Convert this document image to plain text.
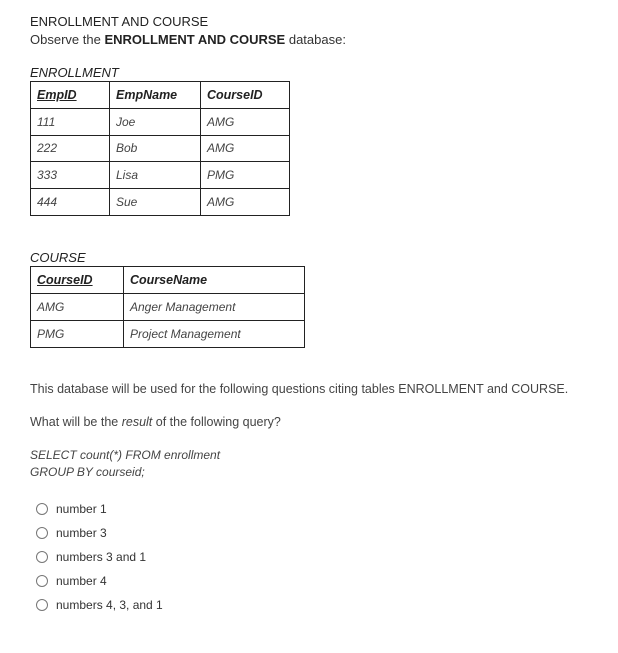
ENROLLMENT AND COURSE
Observe the ENROLLMENT AND COURSE database:
ENROLLMENT
EmpID	EmpName	CourseID
111	Joe	AMG
222	Bob	AMG
333	Lisa	PMG
444	Sue	AMG
COURSE
CourseID	CourseName
AMG	Anger Management
PMG	Project Management
This database will be used for the following questions citing tables ENROLLMENT and COURSE.
What will be the result of the following query?
SELECT count(*) FROM enrollment
GROUP BY courseid;
number 1
number 3
numbers 3 and 1
number 4
numbers 4, 3, and 1
